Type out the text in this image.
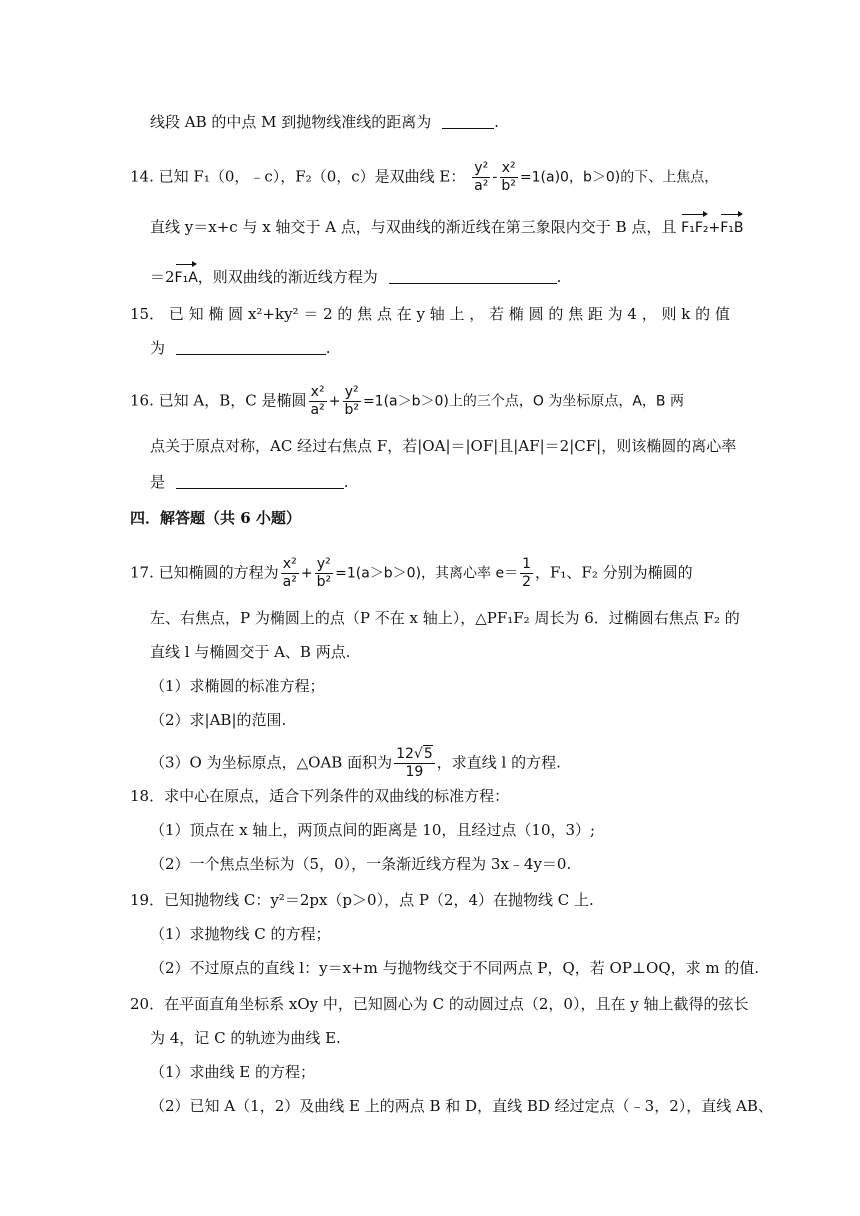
线段 AB 的中点 M 到抛物线准线的距离为	.
14. 已知 F₁（0，﹣c），F₂（0，c）是双曲线 E： $\frac{\text{y²}}{\text{a²}} - \frac{\text{x²}}{\text{b²}} =1(a)0$，b＞0)的下、上焦点，
直线 y＝x+c 与 x 轴交于 A 点，与双曲线的渐近线在第三象限内交于 B 点，且 F₁F₂+F₁B
＝2F₁A，则双曲线的渐近线方程为	.
15． 已 知 椭 圆 x²+ky² ＝ 2 的 焦 点 在 y 轴 上 ， 若 椭 圆 的 焦 距 为 4 ， 则 k 的 值
为	.
16. 已知 A，B，C 是椭圆 $\frac{\text{x²}}{\text{a²}} + \frac{\text{y²}}{\text{b²}} =1(a>b>0)$上的三个点，O 为坐标原点，A，B 两
点关于原点对称，AC 经过右焦点 F，若|OA|＝|OF|且|AF|＝2|CF|，则该椭圆的离心率
是	.
四．解答题（共 6 小题）
17. 已知椭圆的方程为 $\frac{\text{x²}}{\text{a²}} + \frac{\text{y²}}{\text{b²}} =1(a>b>0)$，其离心率 $e= \frac{1}{2}$ ，F₁、F₂ 分别为椭圆的
左、右焦点，P 为椭圆上的点（P 不在 x 轴上），△PF₁F₂ 周长为 6．过椭圆右焦点 F₂ 的
直线 l 与椭圆交于 A、B 两点.
（1）求椭圆的标准方程；
（2）求|AB|的范围.
（3）O 为坐标原点，△OAB 面积为 $\frac{12√5}{19}$ ，求直线 l 的方程.
18．求中心在原点，适合下列条件的双曲线的标准方程：
（1）顶点在 x 轴上，两顶点间的距离是 10，且经过点（10，3）;
（2）一个焦点坐标为（5，0），一条渐近线方程为 3x﹣4y＝0.
19．已知抛物线 C：y²＝2px（p＞0），点 P（2，4）在抛物线 C 上.
（1）求抛物线 C 的方程；
（2）不过原点的直线 l：y＝x+m 与抛物线交于不同两点 P，Q，若 OP⊥OQ，求 m 的值.
20．在平面直角坐标系 xOy 中，已知圆心为 C 的动圆过点（2，0），且在 y 轴上截得的弦长
为 4，记 C 的轨迹为曲线 E.
（1）求曲线 E 的方程；
（2）已知 A（1，2）及曲线 E 上的两点 B 和 D，直线 BD 经过定点（﹣3，2），直线 AB、
